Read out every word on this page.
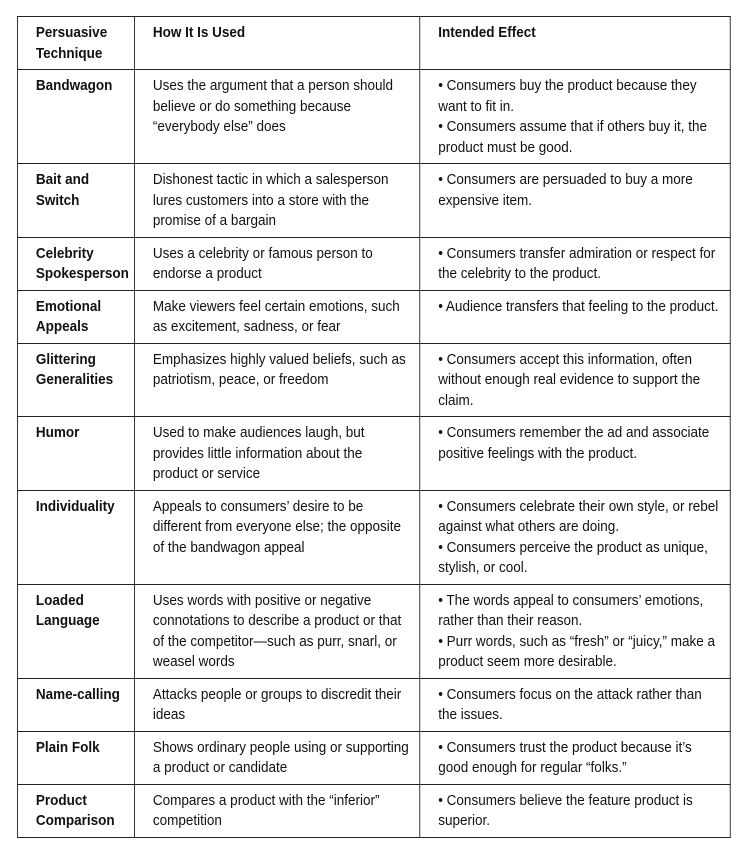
Persuasive Technique	How It Is Used	Intended Effect
Bandwagon	Uses the argument that a person should believe or do something because “everybody else” does	• Consumers buy the product because they want to fit in.
• Consumers assume that if others buy it, the product must be good.

Bait and Switch	Dishonest tactic in which a salesperson lures customers into a store with the promise of a bargain	• Consumers are persuaded to buy a more expensive item.

Celebrity Spokesperson	Uses a celebrity or famous person to endorse a product	• Consumers transfer admiration or respect for the celebrity to the product.

Emotional Appeals	Make viewers feel certain emotions, such as excitement, sadness, or fear	• Audience transfers that feeling to the product.

Glittering Generalities	Emphasizes highly valued beliefs, such as patriotism, peace, or freedom	• Consumers accept this information, often without enough real evidence to support the claim.

Humor	Used to make audiences laugh, but provides little information about the product or service	• Consumers remember the ad and associate positive feelings with the product.

Individuality	Appeals to consumers’ desire to be different from everyone else; the opposite of the bandwagon appeal	• Consumers celebrate their own style, or rebel against what others are doing.
• Consumers perceive the product as unique, stylish, or cool.

Loaded Language	Uses words with positive or negative connotations to describe a product or that of the competitor—such as purr, snarl, or weasel words	• The words appeal to consumers’ emotions, rather than their reason.
• Purr words, such as “fresh” or “juicy,” make a product seem more desirable.

Name-calling	Attacks people or groups to discredit their ideas	• Consumers focus on the attack rather than the issues.

Plain Folk	Shows ordinary people using or supporting a product or candidate	• Consumers trust the product because it’s good enough for regular “folks.”

Product Comparison	Compares a product with the “inferior” competition	• Consumers believe the feature product is superior.
